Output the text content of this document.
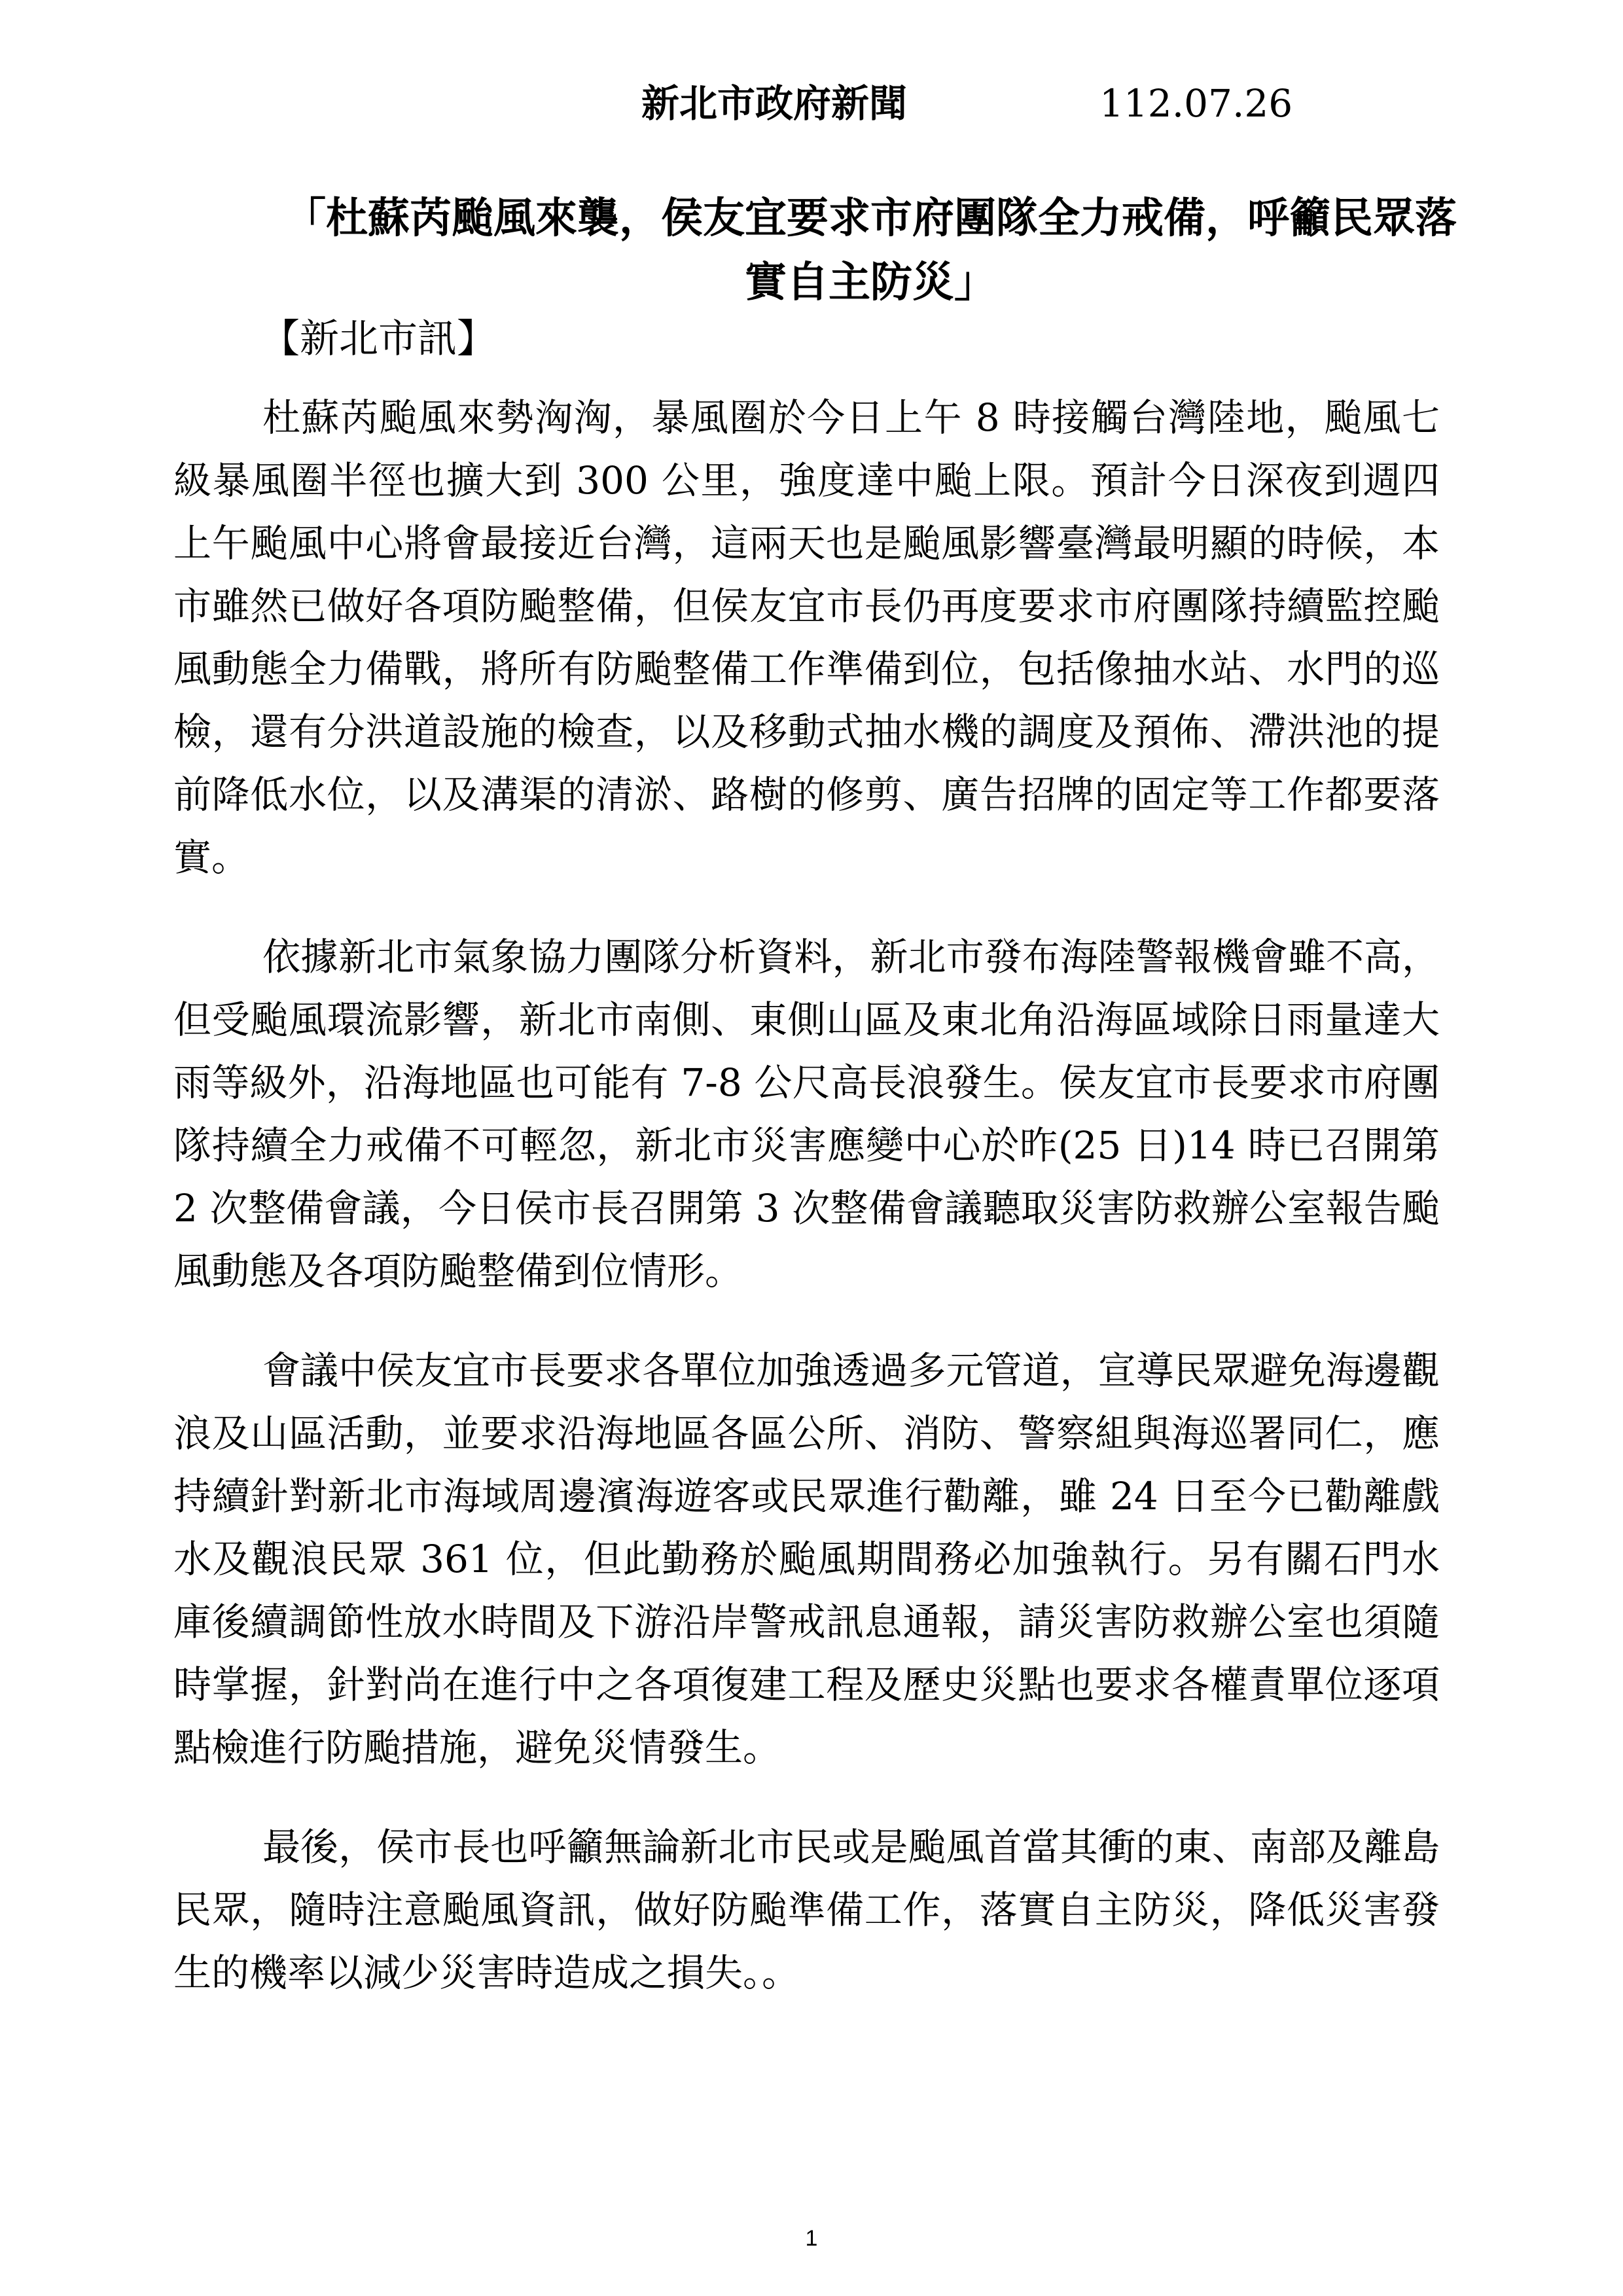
新北市政府新聞	112.07.26
「杜蘇芮颱風來襲，侯友宜要求市府團隊全力戒備，呼籲民眾落實自主防災」
【新北市訊】

杜蘇芮颱風來勢洶洶，暴風圈於今日上午 8 時接觸台灣陸地，颱風七級暴風圈半徑也擴大到 300 公里，強度達中颱上限。預計今日深夜到週四上午颱風中心將會最接近台灣，這兩天也是颱風影響臺灣最明顯的時候，本市雖然已做好各項防颱整備，但侯友宜市長仍再度要求市府團隊持續監控颱風動態全力備戰，將所有防颱整備工作準備到位，包括像抽水站、水門的巡檢，還有分洪道設施的檢查，以及移動式抽水機的調度及預佈、滯洪池的提前降低水位，以及溝渠的清淤、路樹的修剪、廣告招牌的固定等工作都要落實。

依據新北市氣象協力團隊分析資料，新北市發布海陸警報機會雖不高，但受颱風環流影響，新北市南側、東側山區及東北角沿海區域除日雨量達大雨等級外，沿海地區也可能有 7-8 公尺高長浪發生。侯友宜市長要求市府團隊持續全力戒備不可輕忽，新北市災害應變中心於昨(25 日)14 時已召開第 2 次整備會議，今日侯市長召開第 3 次整備會議聽取災害防救辦公室報告颱風動態及各項防颱整備到位情形。

會議中侯友宜市長要求各單位加強透過多元管道，宣導民眾避免海邊觀浪及山區活動，並要求沿海地區各區公所、消防、警察組與海巡署同仁，應持續針對新北市海域周邊濱海遊客或民眾進行勸離，雖 24 日至今已勸離戲水及觀浪民眾 361 位，但此勤務於颱風期間務必加強執行。另有關石門水庫後續調節性放水時間及下游沿岸警戒訊息通報，請災害防救辦公室也須隨時掌握，針對尚在進行中之各項復建工程及歷史災點也要求各權責單位逐項點檢進行防颱措施，避免災情發生。

最後，侯市長也呼籲無論新北市民或是颱風首當其衝的東、南部及離島民眾，隨時注意颱風資訊，做好防颱準備工作，落實自主防災，降低災害發生的機率以減少災害時造成之損失。。

1
